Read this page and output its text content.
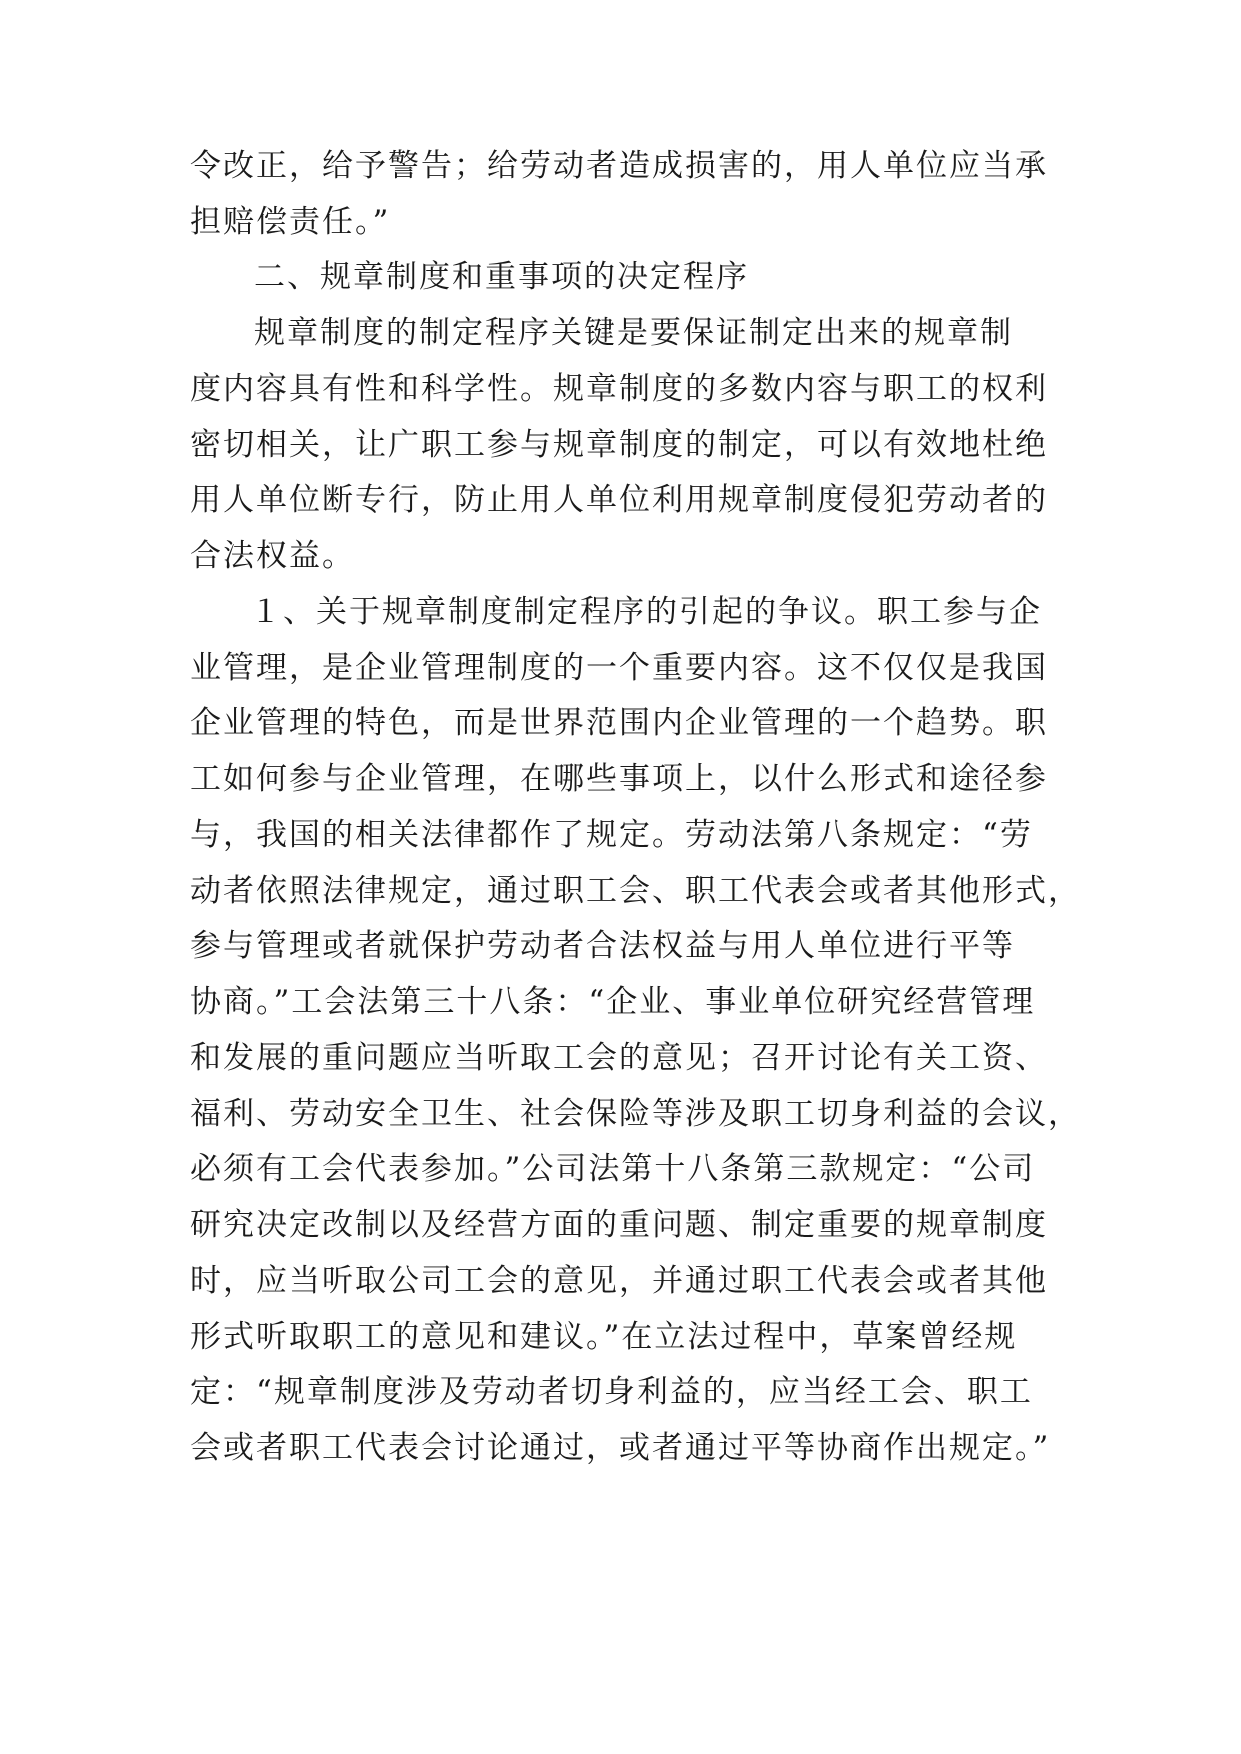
令改正，给予警告；给劳动者造成损害的，用人单位应当承

担赔偿责任。”

二、规章制度和重事项的决定程序

规章制度的制定程序关键是要保证制定出来的规章制

度内容具有性和科学性。规章制度的多数内容与职工的权利

密切相关，让广职工参与规章制度的制定，可以有效地杜绝

用人单位断专行，防止用人单位利用规章制度侵犯劳动者的

合法权益。

１、关于规章制度制定程序的引起的争议。职工参与企

业管理，是企业管理制度的一个重要内容。这不仅仅是我国

企业管理的特色，而是世界范围内企业管理的一个趋势。职

工如何参与企业管理，在哪些事项上，以什么形式和途径参

与，我国的相关法律都作了规定。劳动法第八条规定：“劳

动者依照法律规定，通过职工会、职工代表会或者其他形式，

参与管理或者就保护劳动者合法权益与用人单位进行平等

协商。”工会法第三十八条：“企业、事业单位研究经营管理

和发展的重问题应当听取工会的意见；召开讨论有关工资、

福利、劳动安全卫生、社会保险等涉及职工切身利益的会议，

必须有工会代表参加。”公司法第十八条第三款规定：“公司

研究决定改制以及经营方面的重问题、制定重要的规章制度

时，应当听取公司工会的意见，并通过职工代表会或者其他

形式听取职工的意见和建议。”在立法过程中，草案曾经规

定：“规章制度涉及劳动者切身利益的，应当经工会、职工

会或者职工代表会讨论通过，或者通过平等协商作出规定。”
